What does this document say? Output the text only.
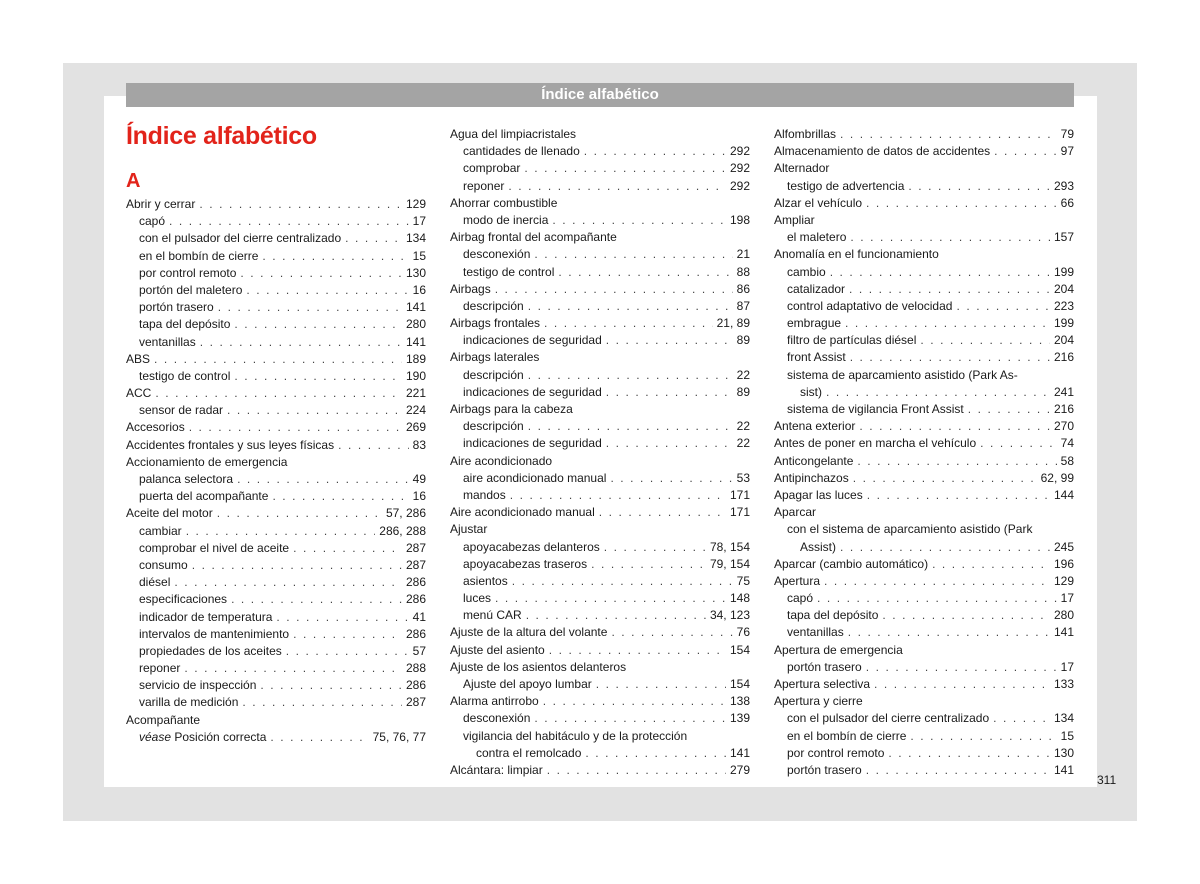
Índice alfabético
Índice alfabético
A
Abrir y cerrar . . .	129
capó . . .	17
con el pulsador del cierre centralizado . . .	134
en el bombín de cierre . . .	15
por control remoto . . .	130
portón del maletero . . .	16
portón trasero . . .	141
tapa del depósito . . .	280
ventanillas . . .	141
ABS . . .	189
testigo de control . . .	190
ACC . . .	221
sensor de radar . . .	224
Accesorios . . .	269
Accidentes frontales y sus leyes físicas . . .	83
Accionamiento de emergencia
palanca selectora . . .	49
puerta del acompañante . . .	16
Aceite del motor . . .	57, 286
cambiar . . .	286, 288
comprobar el nivel de aceite . . .	287
consumo . . .	287
diésel . . .	286
especificaciones . . .	286
indicador de temperatura . . .	41
intervalos de mantenimiento . . .	286
propiedades de los aceites . . .	57
reponer . . .	288
servicio de inspección . . .	286
varilla de medición . . .	287
Acompañante
véase Posición correcta . . .	75, 76, 77
Agua del limpiacristales
cantidades de llenado . . .	292
comprobar . . .	292
reponer . . .	292
Ahorrar combustible
modo de inercia . . .	198
Airbag frontal del acompañante
desconexión . . .	21
testigo de control . . .	88
Airbags . . .	86
descripción . . .	87
Airbags frontales . . .	21, 89
indicaciones de seguridad . . .	89
Airbags laterales
descripción . . .	22
indicaciones de seguridad . . .	89
Airbags para la cabeza
descripción . . .	22
indicaciones de seguridad . . .	22
Aire acondicionado
aire acondicionado manual . . .	53
mandos . . .	171
Aire acondicionado manual . . .	171
Ajustar
apoyacabezas delanteros . . .	78, 154
apoyacabezas traseros . . .	79, 154
asientos . . .	75
luces . . .	148
menú CAR . . .	34, 123
Ajuste de la altura del volante . . .	76
Ajuste del asiento . . .	154
Ajuste de los asientos delanteros
Ajuste del apoyo lumbar . . .	154
Alarma antirrobo . . .	138
desconexión . . .	139
vigilancia del habitáculo y de la protección
contra el remolcado . . .	141
Alcántara: limpiar . . .	279
Alfombrillas . . .	79
Almacenamiento de datos de accidentes . . .	97
Alternador
testigo de advertencia . . .	293
Alzar el vehículo . . .	66
Ampliar
el maletero . . .	157
Anomalía en el funcionamiento
cambio . . .	199
catalizador . . .	204
control adaptativo de velocidad . . .	223
embrague . . .	199
filtro de partículas diésel . . .	204
front Assist . . .	216
sistema de aparcamiento asistido (Park As-
sist) . . .	241
sistema de vigilancia Front Assist . . .	216
Antena exterior . . .	270
Antes de poner en marcha el vehículo . . .	74
Anticongelante . . .	58
Antipinchazos . . .	62, 99
Apagar las luces . . .	144
Aparcar
con el sistema de aparcamiento asistido (Park
Assist) . . .	245
Aparcar (cambio automático) . . .	196
Apertura . . .	129
capó . . .	17
tapa del depósito . . .	280
ventanillas . . .	141
Apertura de emergencia
portón trasero . . .	17
Apertura selectiva . . .	133
Apertura y cierre
con el pulsador del cierre centralizado . . .	134
en el bombín de cierre . . .	15
por control remoto . . .	130
portón trasero . . .	141
311
